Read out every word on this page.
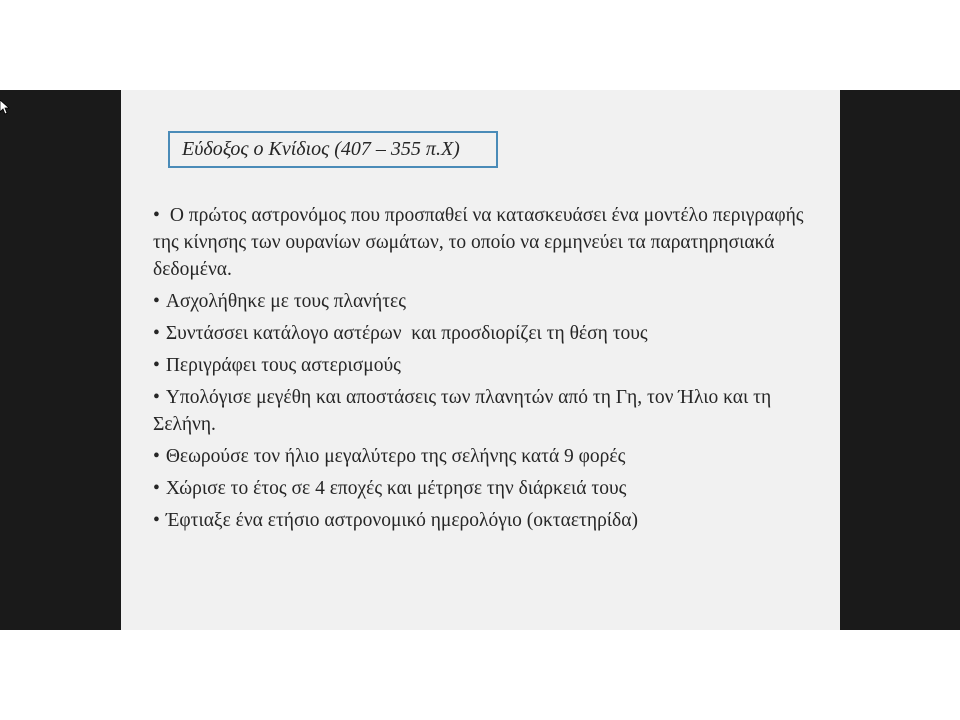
Εύδοξος ο Κνίδιος (407 – 355 π.Χ)
• Ο πρώτος αστρονόμος που προσπαθεί να κατασκευάσει ένα μοντέλο περιγραφής της κίνησης των ουρανίων σωμάτων, το οποίο να ερμηνεύει τα παρατηρησιακά δεδομένα.
• Ασχολήθηκε με τους πλανήτες
• Συντάσσει κατάλογο αστέρων  και προσδιορίζει τη θέση τους
• Περιγράφει τους αστερισμούς
• Υπολόγισε μεγέθη και αποστάσεις των πλανητών από τη Γη, τον Ήλιο και τη Σελήνη.
• Θεωρούσε τον ήλιο μεγαλύτερο της σελήνης κατά 9 φορές
• Χώρισε το έτος σε 4 εποχές και μέτρησε την διάρκειά τους
• Έφτιαξε ένα ετήσιο αστρονομικό ημερολόγιο (οκταετηρίδα)
